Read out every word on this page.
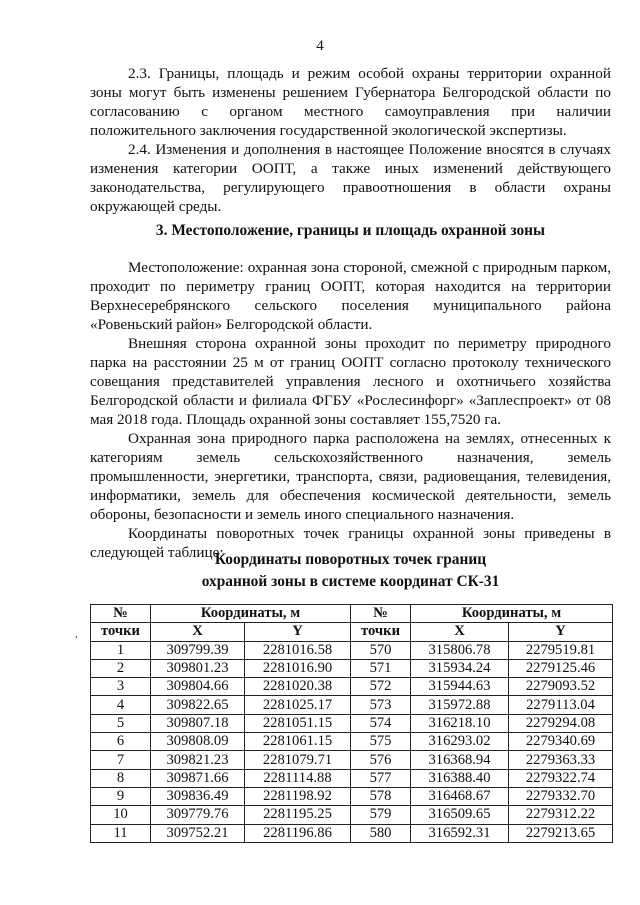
4

2.3. Границы, площадь и режим особой охраны территории охранной зоны могут быть изменены решением Губернатора Белгородской области по согласованию с органом местного самоуправления при наличии положительного заключения государственной экологической экспертизы.

2.4. Изменения и дополнения в настоящее Положение вносятся в случаях изменения категории ООПТ, а также иных изменений действующего законодательства, регулирующего правоотношения в области охраны окружающей среды.

3. Местоположение, границы и площадь охранной зоны

Местоположение: охранная зона стороной, смежной с природным парком, проходит по периметру границ ООПТ, которая находится на территории Верхнесеребрянского сельского поселения муниципального района «Ровеньский район» Белгородской области.

Внешняя сторона охранной зоны проходит по периметру природного парка на расстоянии 25 м от границ ООПТ согласно протоколу технического совещания представителей управления лесного и охотничьего хозяйства Белгородской области и филиала ФГБУ «Рослесинфорг» «Заплеспроект» от 08 мая 2018 года. Площадь охранной зоны составляет 155,7520 га.

Охранная зона природного парка расположена на землях, отнесенных к категориям земель сельскохозяйственного назначения, земель промышленности, энергетики, транспорта, связи, радиовещания, телевидения, информатики, земель для обеспечения космической деятельности, земель обороны, безопасности и земель иного специального назначения.

Координаты поворотных точек границы охранной зоны приведены в следующей таблице:

Координаты поворотных точек границ
охранной зоны в системе координат СК-31
,
№	Координаты, м		№	Координаты, м	
точки	X	Y	точки	X	Y
1	309799.39	2281016.58	570	315806.78	2279519.81
2	309801.23	2281016.90	571	315934.24	2279125.46
3	309804.66	2281020.38	572	315944.63	2279093.52
4	309822.65	2281025.17	573	315972.88	2279113.04
5	309807.18	2281051.15	574	316218.10	2279294.08
6	309808.09	2281061.15	575	316293.02	2279340.69
7	309821.23	2281079.71	576	316368.94	2279363.33
8	309871.66	2281114.88	577	316388.40	2279322.74
9	309836.49	2281198.92	578	316468.67	2279332.70
10	309779.76	2281195.25	579	316509.65	2279312.22
11	309752.21	2281196.86	580	316592.31	2279213.65
